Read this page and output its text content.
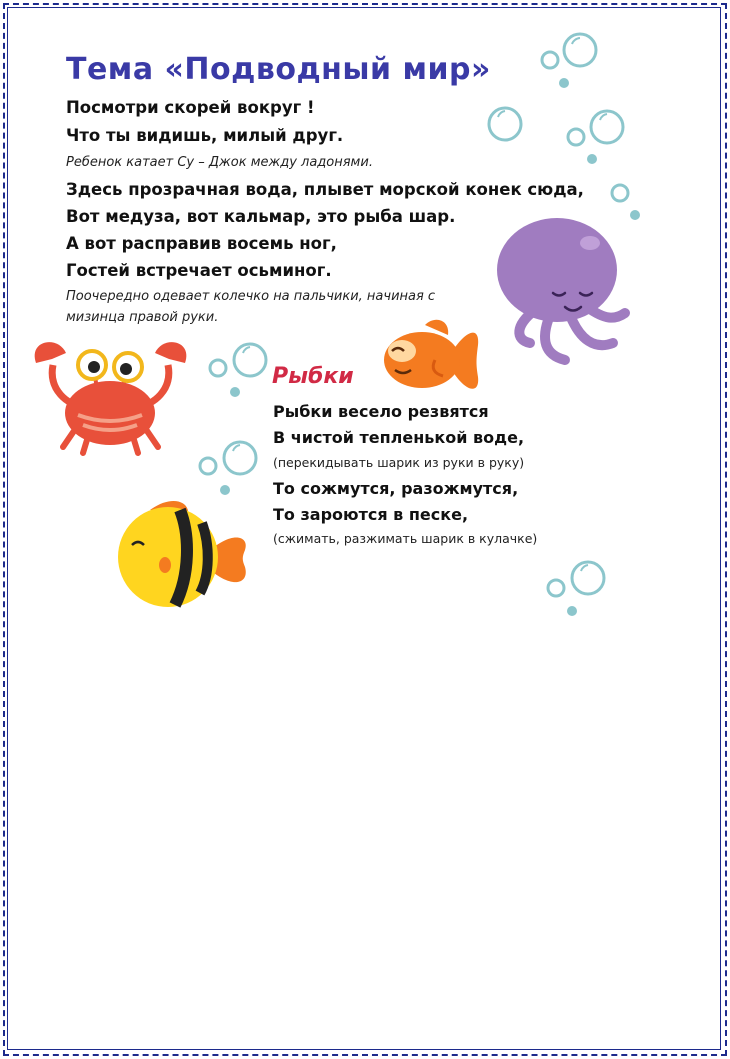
Тема «Подводный мир»
Посмотри скорей вокруг !
Что ты видишь, милый друг.
Ребенок катает Су – Джок между ладонями.
Здесь прозрачная вода, плывет морской конек сюда,
Вот медуза, вот кальмар, это рыба шар.
А вот расправив восемь ног,
Гостей встречает осьминог.
Поочередно одевает колечко на пальчики, начиная с
мизинца правой руки.
Рыбки
Рыбки весело резвятся
В чистой тепленькой воде,
(перекидывать шарик из руки в руку)
То сожмутся, разожмутся,
То зароются в песке,
(сжимать, разжимать шарик в кулачке)
